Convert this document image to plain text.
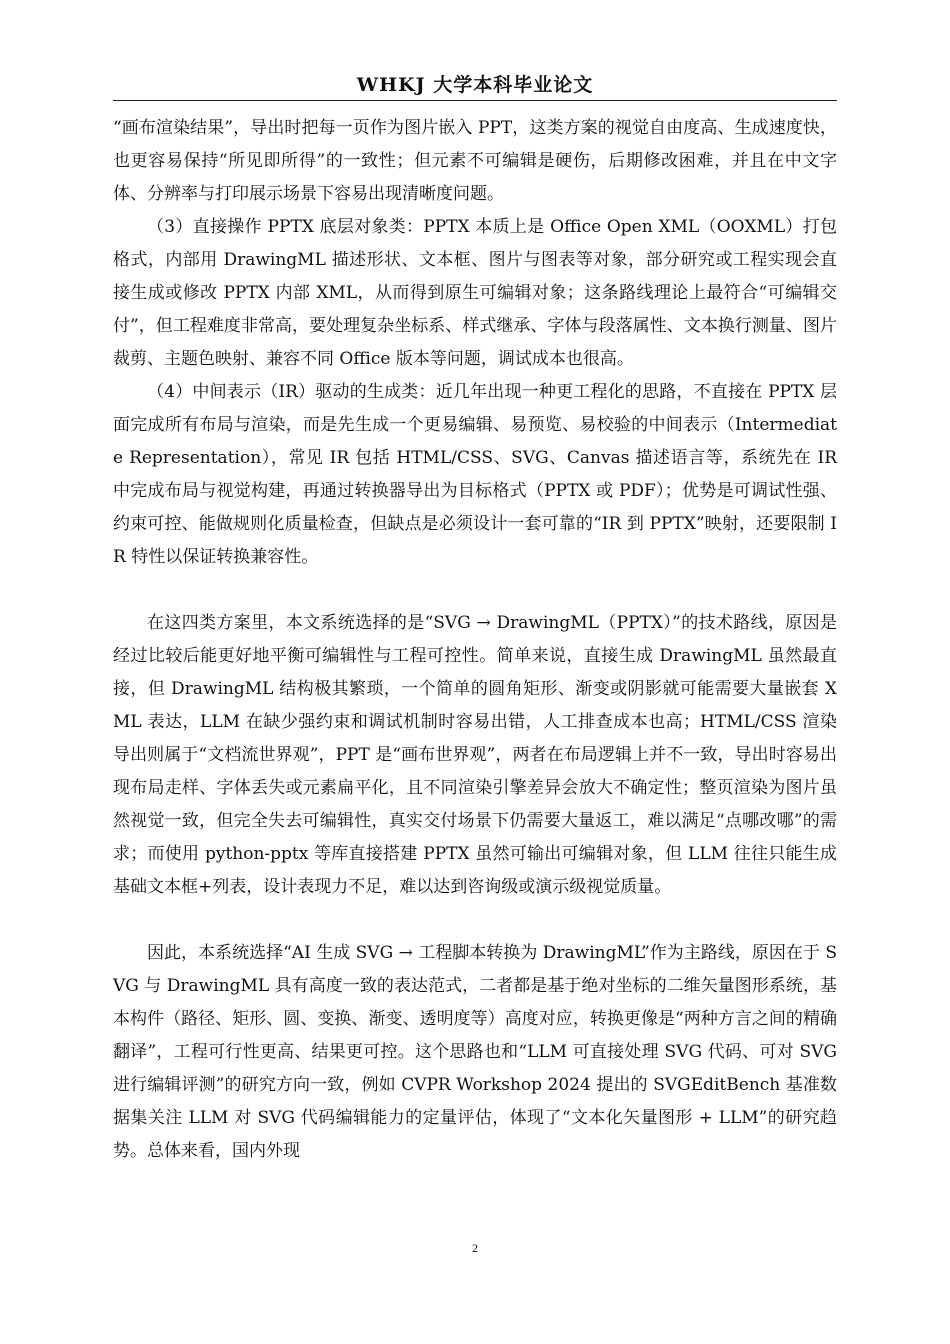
WHKJ 大学本科毕业论文

“画布渲染结果”，导出时把每一页作为图片嵌入 PPT，这类方案的视觉自由度高、生成速度快，也更容易保持“所见即所得”的一致性；但元素不可编辑是硬伤，后期修改困难，并且在中文字体、分辨率与打印展示场景下容易出现清晰度问题。

（3）直接操作 PPTX 底层对象类：PPTX 本质上是 Office Open XML（OOXML）打包格式，内部用 DrawingML 描述形状、文本框、图片与图表等对象，部分研究或工程实现会直接生成或修改 PPTX 内部 XML，从而得到原生可编辑对象；这条路线理论上最符合“可编辑交付”，但工程难度非常高，要处理复杂坐标系、样式继承、字体与段落属性、文本换行测量、图片裁剪、主题色映射、兼容不同 Office 版本等问题，调试成本也很高。

（4）中间表示（IR）驱动的生成类：近几年出现一种更工程化的思路，不直接在 PPTX 层面完成所有布局与渲染，而是先生成一个更易编辑、易预览、易校验的中间表示（Intermediate Representation），常见 IR 包括 HTML/CSS、SVG、Canvas 描述语言等，系统先在 IR 中完成布局与视觉构建，再通过转换器导出为目标格式（PPTX 或 PDF）；优势是可调试性强、约束可控、能做规则化质量检查，但缺点是必须设计一套可靠的“IR 到 PPTX”映射，还要限制 IR 特性以保证转换兼容性。

在这四类方案里，本文系统选择的是“SVG → DrawingML（PPTX）”的技术路线，原因是经过比较后能更好地平衡可编辑性与工程可控性。简单来说，直接生成 DrawingML 虽然最直接，但 DrawingML 结构极其繁琐，一个简单的圆角矩形、渐变或阴影就可能需要大量嵌套 XML 表达，LLM 在缺少强约束和调试机制时容易出错，人工排查成本也高；HTML/CSS 渲染导出则属于“文档流世界观”，PPT 是“画布世界观”，两者在布局逻辑上并不一致，导出时容易出现布局走样、字体丢失或元素扁平化，且不同渲染引擎差异会放大不确定性；整页渲染为图片虽然视觉一致，但完全失去可编辑性，真实交付场景下仍需要大量返工，难以满足“点哪改哪”的需求；而使用 python-pptx 等库直接搭建 PPTX 虽然可输出可编辑对象，但 LLM 往往只能生成基础文本框+列表，设计表现力不足，难以达到咨询级或演示级视觉质量。

因此，本系统选择“AI 生成 SVG → 工程脚本转换为 DrawingML”作为主路线，原因在于 SVG 与 DrawingML 具有高度一致的表达范式，二者都是基于绝对坐标的二维矢量图形系统，基本构件（路径、矩形、圆、变换、渐变、透明度等）高度对应，转换更像是“两种方言之间的精确翻译”，工程可行性更高、结果更可控。这个思路也和“LLM 可直接处理 SVG 代码、可对 SVG 进行编辑评测”的研究方向一致，例如 CVPR Workshop 2024 提出的 SVGEditBench 基准数据集关注 LLM 对 SVG 代码编辑能力的定量评估，体现了“文本化矢量图形 + LLM”的研究趋势。总体来看，国内外现

2
